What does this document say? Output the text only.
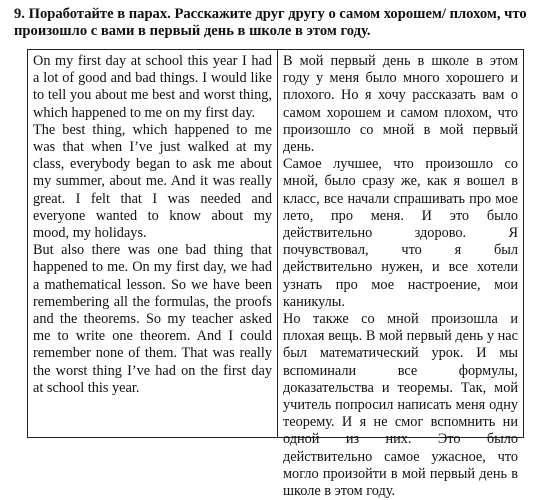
9. Поработайте в парах. Расскажите друг другу о самом хорошем/ плохом, что произошло с вами в первый день в школе в этом году.

On my first day at school this year I had a lot of good and bad things. I would like to tell you about me best and worst thing, which happened to me on my first day.

The best thing, which happened to me was that when I’ve just walked at my class, everybody began to ask me about my summer, about me. And it was really great. I felt that I was needed and everyone wanted to know about my mood, my holidays.

But also there was one bad thing that happened to me. On my first day, we had a mathematical lesson. So we have been remembering all the formulas, the proofs and the theorems. So my teacher asked me to write one theorem. And I could remember none of them. That was really the worst thing I’ve had on the first day at school this year.

В мой первый день в школе в этом году у меня было много хорошего и плохого. Но я хочу рассказать вам о самом хорошем и самом плохом, что произошло со мной в мой первый день.

Самое лучшее, что произошло со мной, было сразу же, как я вошел в класс, все начали спрашивать про мое лето, про меня. И это было действительно здорово. Я почувствовал, что я был действительно нужен, и все хотели узнать про мое настроение, мои каникулы.

Но также со мной произошла и плохая вещь. В мой первый день у нас был математический урок. И мы вспоминали все формулы, доказательства и теоремы. Так, мой учитель попросил написать меня одну теорему. И я не смог вспомнить ни одной из них. Это было действительно самое ужасное, что могло произойти в мой первый день в школе в этом году.
